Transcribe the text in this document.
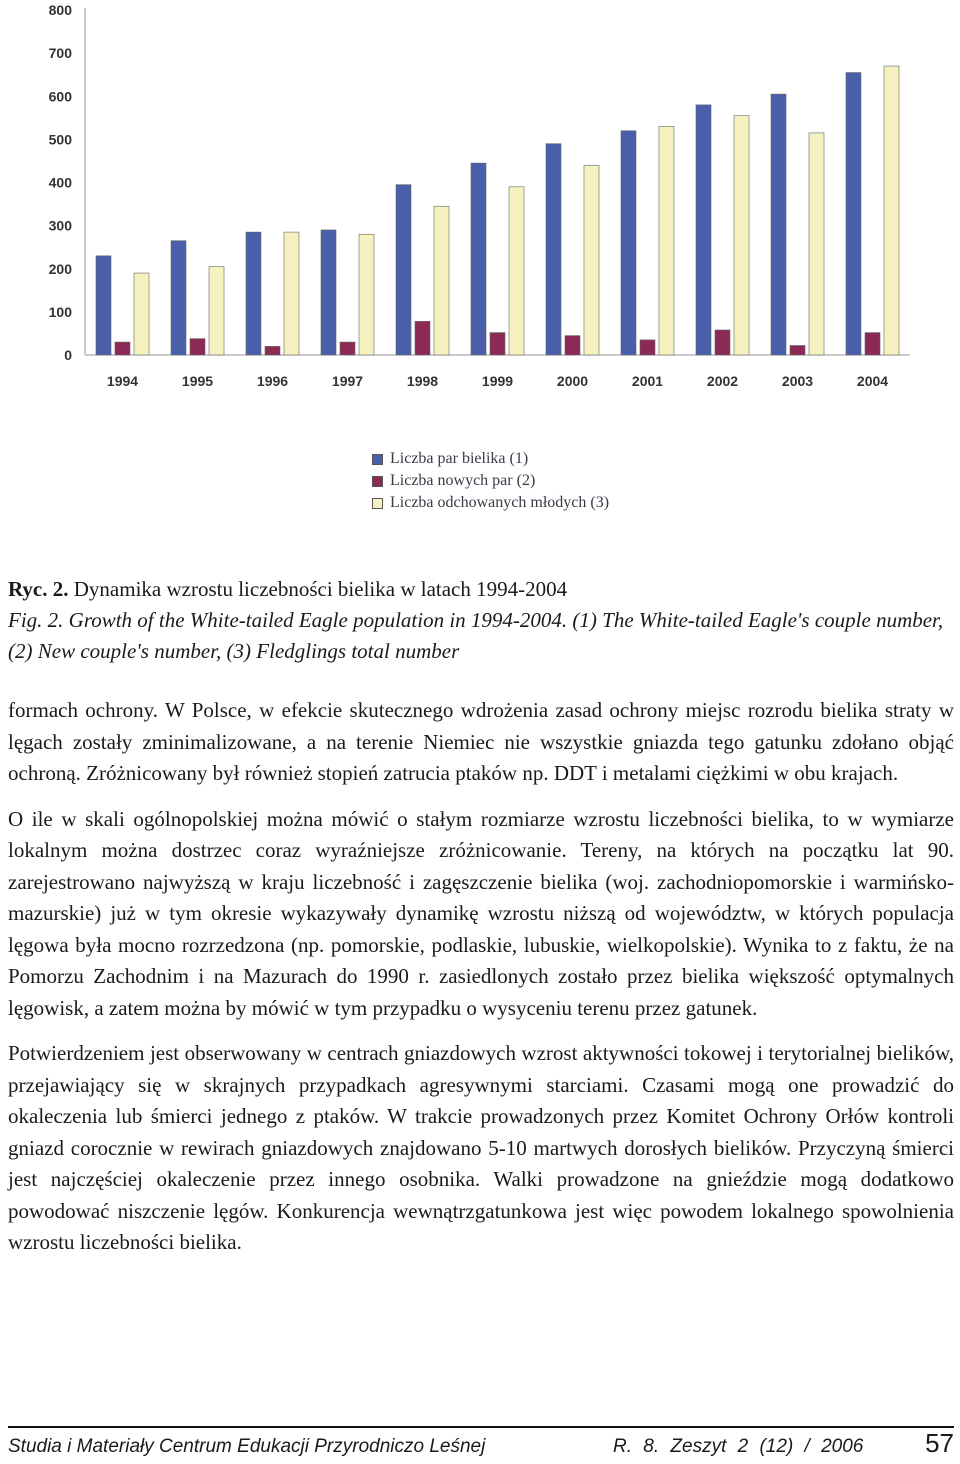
0
100
200
300
400
500
600
700
800
1994	1995	1996	1997	1998	1999	2000	2001	2002	2003	2004
Liczba par bielika (1)
Liczba nowych par (2)
Liczba odchowanych młodych (3)
Ryc. 2. Dynamika wzrostu liczebności bielika w latach 1994-2004
Fig. 2. Growth of the White-tailed Eagle population in 1994-2004. (1) The White-tailed Eagle's couple number, (2) New couple's number, (3) Fledglings total number

formach ochrony. W Polsce, w efekcie skutecznego wdrożenia zasad ochrony miejsc rozrodu bielika straty w lęgach zostały zminimalizowane, a na terenie Niemiec nie wszystkie gniazda tego gatunku zdołano objąć ochroną. Zróżnicowany był również stopień zatrucia ptaków np. DDT i metalami ciężkimi w obu krajach.

O ile w skali ogólnopolskiej można mówić o stałym rozmiarze wzrostu liczebności bielika, to w wymiarze lokalnym można dostrzec coraz wyraźniejsze zróżnicowanie. Tereny, na których na początku lat 90. zarejestrowano najwyższą w kraju liczebność i zagęszczenie bielika (woj. zachodniopomorskie i warmińsko-mazurskie) już w tym okresie wykazywały dynamikę wzrostu niższą od województw, w których populacja lęgowa była mocno rozrzedzona (np. pomorskie, podlaskie, lubuskie, wielkopolskie). Wynika to z faktu, że na Pomorzu Zachodnim i na Mazurach do 1990 r. zasiedlonych zostało przez bielika większość optymalnych lęgowisk, a zatem można by mówić w tym przypadku o wysyceniu terenu przez gatunek.

Potwierdzeniem jest obserwowany w centrach gniazdowych wzrost aktywności tokowej i terytorialnej bielików, przejawiający się w skrajnych przypadkach agresywnymi starciami. Czasami mogą one prowadzić do okaleczenia lub śmierci jednego z ptaków. W trakcie prowadzonych przez Komitet Ochrony Orłów kontroli gniazd corocznie w rewirach gniazdowych znajdowano 5-10 martwych dorosłych bielików. Przyczyną śmierci jest najczęściej okaleczenie przez innego osobnika. Walki prowadzone na gnieździe mogą dodatkowo powodować niszczenie lęgów. Konkurencja wewnątrzgatunkowa jest więc powodem lokalnego spowolnienia wzrostu liczebności bielika.

Studia i Materiały Centrum Edukacji Przyrodniczo Leśnej	R. 8. Zeszyt 2 (12) / 2006 57
